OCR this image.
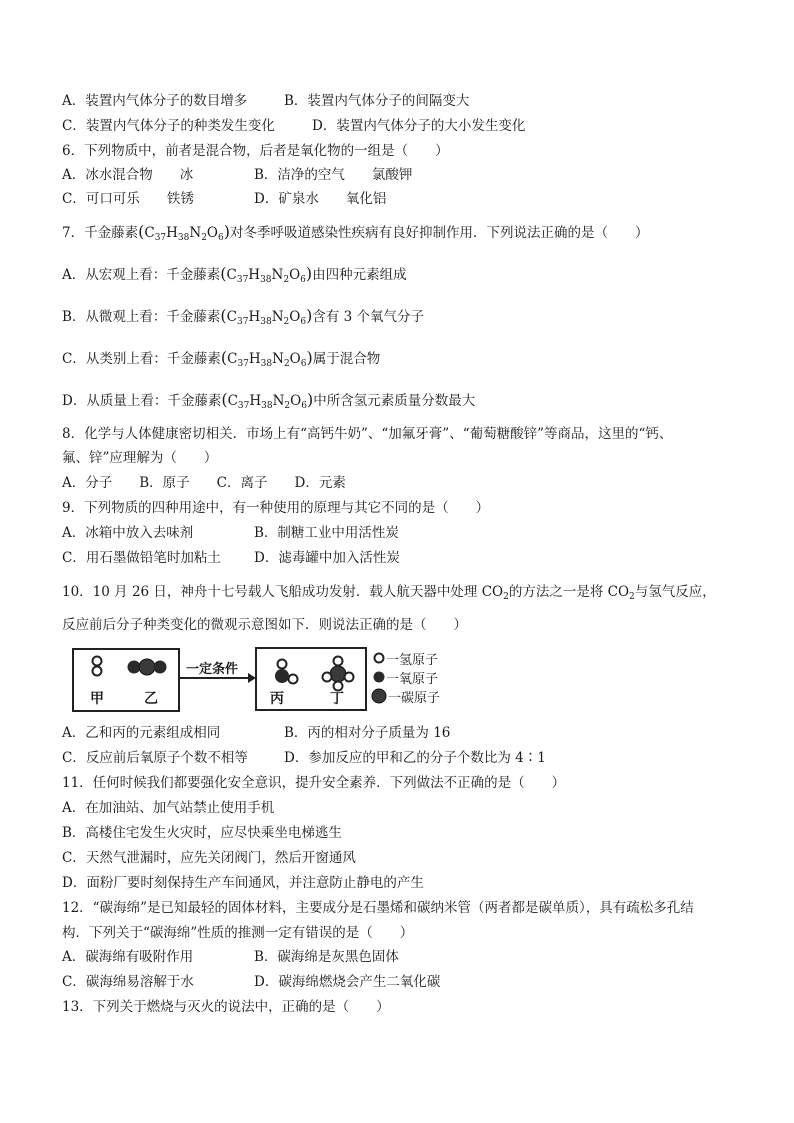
A．装置内气体分子的数目增多	B．装置内气体分子的间隔变大
C．装置内气体分子的种类发生变化	D．装置内气体分子的大小发生变化
6．下列物质中，前者是混合物，后者是氧化物的一组是（　　）
A．冰水混合物　　冰	B．洁净的空气　　氯酸钾
C．可口可乐　　铁锈	D．矿泉水　　氧化铝
7．千金藤素$(C_{37}H_{38}N_2O_6)$对冬季呼吸道感染性疾病有良好抑制作用．下列说法正确的是（　　）
A．从宏观上看：千金藤素$(C_{37}H_{38}N_2O_6)$由四种元素组成
B．从微观上看：千金藤素$(C_{37}H_{38}N_2O_6)$含有 3 个氧气分子
C．从类别上看：千金藤素$(C_{37}H_{38}N_2O_6)$属于混合物
D．从质量上看：千金藤素$(C_{37}H_{38}N_2O_6)$中所含氢元素质量分数最大
8．化学与人体健康密切相关．市场上有“高钙牛奶”、“加氟牙膏”、“葡萄糖酸锌”等商品，这里的“钙、
氟、锌”应理解为（　　）
A．分子　　B．原子　　C．离子　　D．元素
9．下列物质的四种用途中，有一种使用的原理与其它不同的是（　　）
A．冰箱中放入去味剂	B．制糖工业中用活性炭
C．用石墨做铅笔时加粘土 D．滤毒罐中加入活性炭
10．10 月 26 日，神舟十七号载人飞船成功发射．载人航天器中处理 $CO_2$的方法之一是将 $CO_2$与氢气反应，
反应前后分子种类变化的微观示意图如下．则说法正确的是（　　）
甲	乙
一定条件
丙	丁
一氢原子
一氧原子
一碳原子
A．乙和丙的元素组成相同	B．丙的相对分子质量为 16
C．反应前后氧原子个数不相等	D．参加反应的甲和乙的分子个数比为 4∶1
11．任何时候我们都要强化安全意识，提升安全素养．下列做法不正确的是（　　）
A．在加油站、加气站禁止使用手机
B．高楼住宅发生火灾时，应尽快乘坐电梯逃生
C．天然气泄漏时，应先关闭阀门，然后开窗通风
D．面粉厂要时刻保持生产车间通风，并注意防止静电的产生
12．“碳海绵”是已知最轻的固体材料，主要成分是石墨烯和碳纳米管（两者都是碳单质），具有疏松多孔结
构．下列关于“碳海绵”性质的推测一定有错误的是（　　）
A．碳海绵有吸附作用	B．碳海绵是灰黑色固体
C．碳海绵易溶解于水	D．碳海绵燃烧会产生二氧化碳
13．下列关于燃烧与灭火的说法中，正确的是（　　）
